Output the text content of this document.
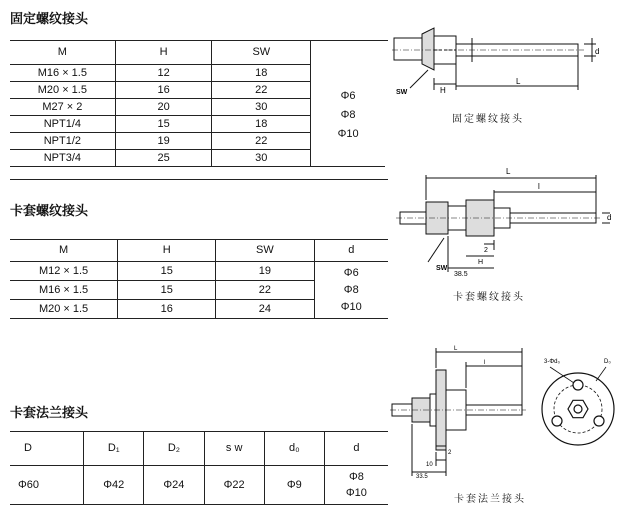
固定螺纹接头
M	H	SW	
M16 × 1.5	12	18	Φ6
Φ8
Φ10

M20 × 1.5	16	22	
M27 × 2	20	30	
NPT1/4	15	18	
NPT1/2	19	22	
NPT3/4	25	30	
SW	H
L
d
固定螺纹接头
卡套螺纹接头
M	H	SW	d
M12 × 1.5	15	19	Φ6
Φ8
Φ10

M16 × 1.5	15	22	
M20 × 1.5	16	24	
L
l
d
SW
2
H
38.5
卡套螺纹接头
卡套法兰接头
D	D₁	D₂	s w	d₀	d
Φ60	Φ42	Φ24	Φ22	Φ9	Φ8
Φ10
L
l
2
10
33.5
3-Φd₀	D₀
卡套法兰接头
